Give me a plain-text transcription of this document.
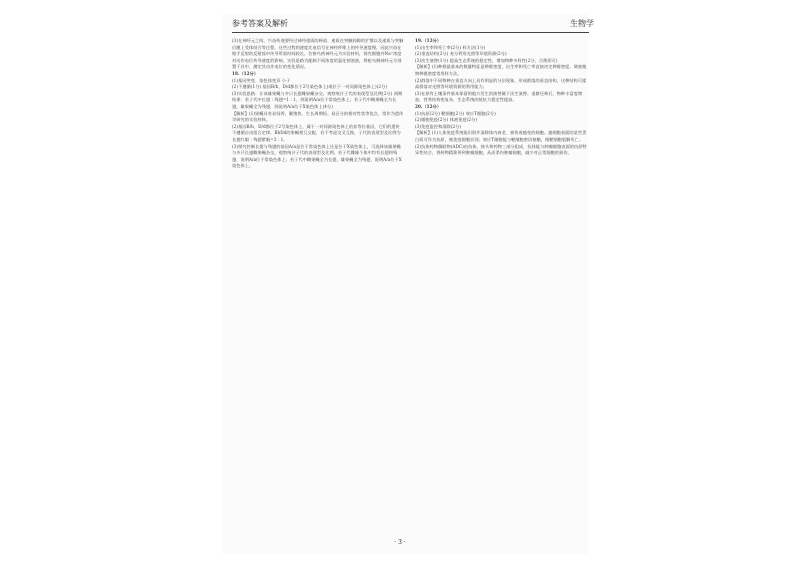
参考答案及解析	生物学

(3)在神经元之间，兴奋传递要经过神经递质的释放、递质在突触间隙的扩散以及递质与突触后膜上受体结合等过程，这些过程的速度比电信号在神经纤维上的传导速度慢，因此兴奋在缩手反射的反射弧中传导所需时间较长。位格鸟桥神经元为实验材料，探究细胞外Na⁺浓度对动作电位传导速度的影响，实验思路为配制不同浓度的氯化钠溶液，将枪乌贼神经元分别置于其中，测定其动作电位的变化情况。

18.（12分）

(1)基因突变、染色体变异 小于

(2)不遵循(1分) 基因B/b、D/d都位于2号染色体上(或位于一对同源染色体上)(2分)

(3)实验思路：让该雄果蝇与多只长翅雌果蝇杂交，观察统计子代的表现型及比例(2分) 预期结果：若子代中长翅∶残翅=1∶1，则说明A/a位于常染色体上；若子代中雌果蝇全为长翅，雄果蝇全为残翅，则说明A/a位于X染色体上(4分)

【解析】(1)果蝇具有易饲养、繁殖快、生长周期短、易区分的相对性状等优点，常作为遗传学研究的实验材料。

(2)基因B/b、D/d都位于2号染色体上，属于一对同源染色体上的非等位基因，它们的遗传不遵循自由组合定律。BbDd的果蝇相互交配，若不考虑交叉互换，子代的表现型及比例为长翅红眼∶残翅紫眼=3∶1。

(3)探究控制长翅与残翅的基因A/a是位于常染色体上还是位于X染色体上，可选择该雄果蝇与多只长翅雌果蝇杂交，观察统计子代的表现型及比例。若子代雌雄个体中均有长翅和残翅，说明A/a位于常染色体上；若子代中雌果蝇全为长翅，雄果蝇全为残翅，说明A/a位于X染色体上。

19.（12分）

(1)出生率和死亡率(2分) 样方法(1分)

(2)垂直结构(2分) 充分利用光照等环境资源(2分)

(3)次生演替(1分) 提高生态系统的稳定性，增加物种多样性(2分，合理即可)

【解析】(1)种群最基本的数量特征是种群密度，出生率和死亡率直接决定种群密度。调查植物种群密度常用样方法。

(2)群落中不同物种在垂直方向上具有明显的分层现象，形成群落的垂直结构，这种结构可提高群落对光照等环境资源的利用能力。

(3)在原有土壤条件基本保留的地方发生的演替属于次生演替。退耕还林后，物种丰富度增加，营养结构变复杂，生态系统的抵抗力稳定性提高。

20.（12分）

(1)抗原(2分) 靶细胞(2分) 效应T细胞(2分)

(2)细胞免疫(2分) 体液免疫(2分)

(3)免疫监控和清除(2分)

【解析】(1)人体免疫系统能识别并清除体内衰老、损伤或癌变的细胞。癌细胞表面的某些蛋白质可作为抗原，被免疫细胞识别；效应T细胞能与靶细胞密切接触，使靶细胞裂解死亡。

(2)抗体药物偶联物(ADC)由抗体、接头和药物三部分组成，抗体能与肿瘤细胞表面的抗原特异性结合，将药物精准带到肿瘤细胞，从而杀伤肿瘤细胞，减少对正常细胞的损伤。

· 3 ·
